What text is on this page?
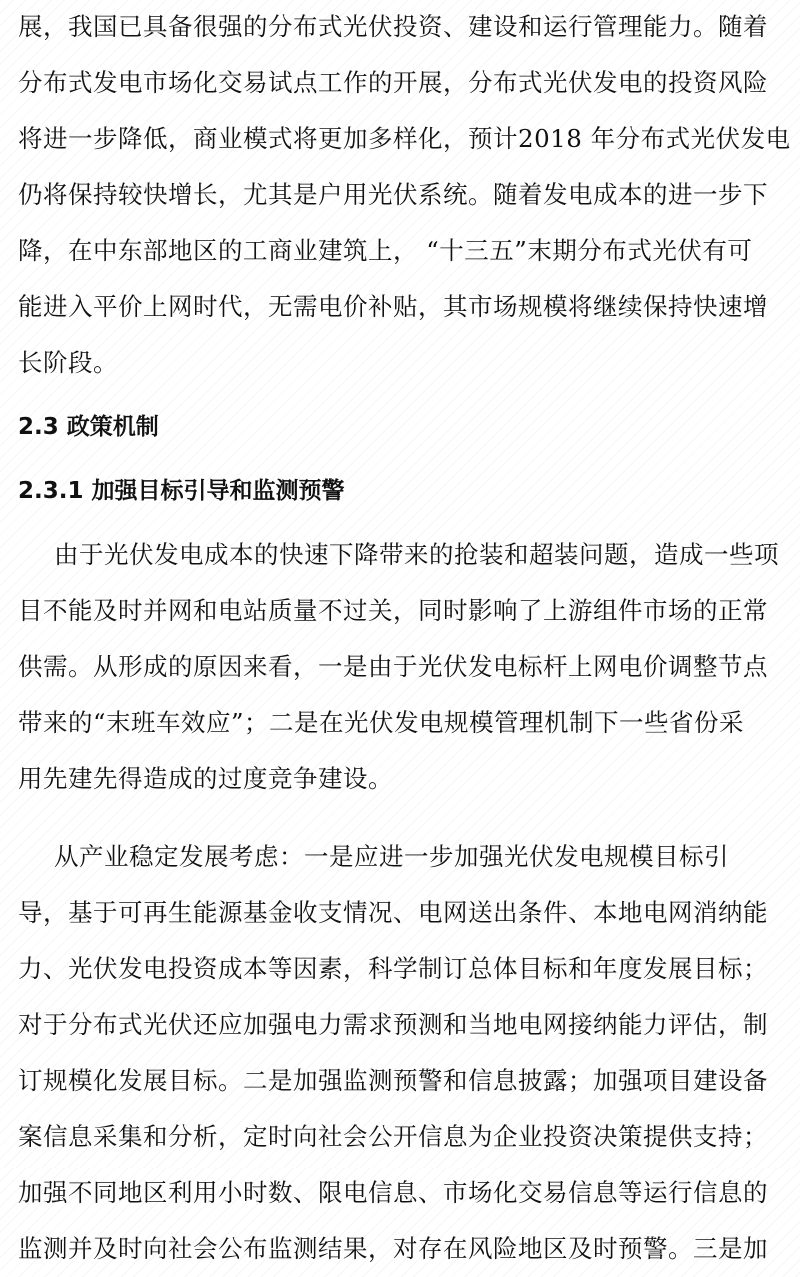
展，我国已具备很强的分布式光伏投资、建设和运行管理能力。随着
分布式发电市场化交易试点工作的开展，分布式光伏发电的投资风险
将进一步降低，商业模式将更加多样化，预计2018 年分布式光伏发电
仍将保持较快增长，尤其是户用光伏系统。随着发电成本的进一步下
降，在中东部地区的工商业建筑上， “十三五”末期分布式光伏有可
能进入平价上网时代，无需电价补贴，其市场规模将继续保持快速增
长阶段。
2.3 政策机制
2.3.1 加强目标引导和监测预警
由于光伏发电成本的快速下降带来的抢装和超装问题，造成一些项
目不能及时并网和电站质量不过关，同时影响了上游组件市场的正常
供需。从形成的原因来看，一是由于光伏发电标杆上网电价调整节点
带来的“末班车效应”；二是在光伏发电规模管理机制下一些省份采
用先建先得造成的过度竞争建设。
从产业稳定发展考虑：一是应进一步加强光伏发电规模目标引
导，基于可再生能源基金收支情况、电网送出条件、本地电网消纳能
力、光伏发电投资成本等因素，科学制订总体目标和年度发展目标；
对于分布式光伏还应加强电力需求预测和当地电网接纳能力评估，制
订规模化发展目标。二是加强监测预警和信息披露；加强项目建设备
案信息采集和分析，定时向社会公开信息为企业投资决策提供支持；
加强不同地区利用小时数、限电信息、市场化交易信息等运行信息的
监测并及时向社会公布监测结果，对存在风险地区及时预警。三是加
